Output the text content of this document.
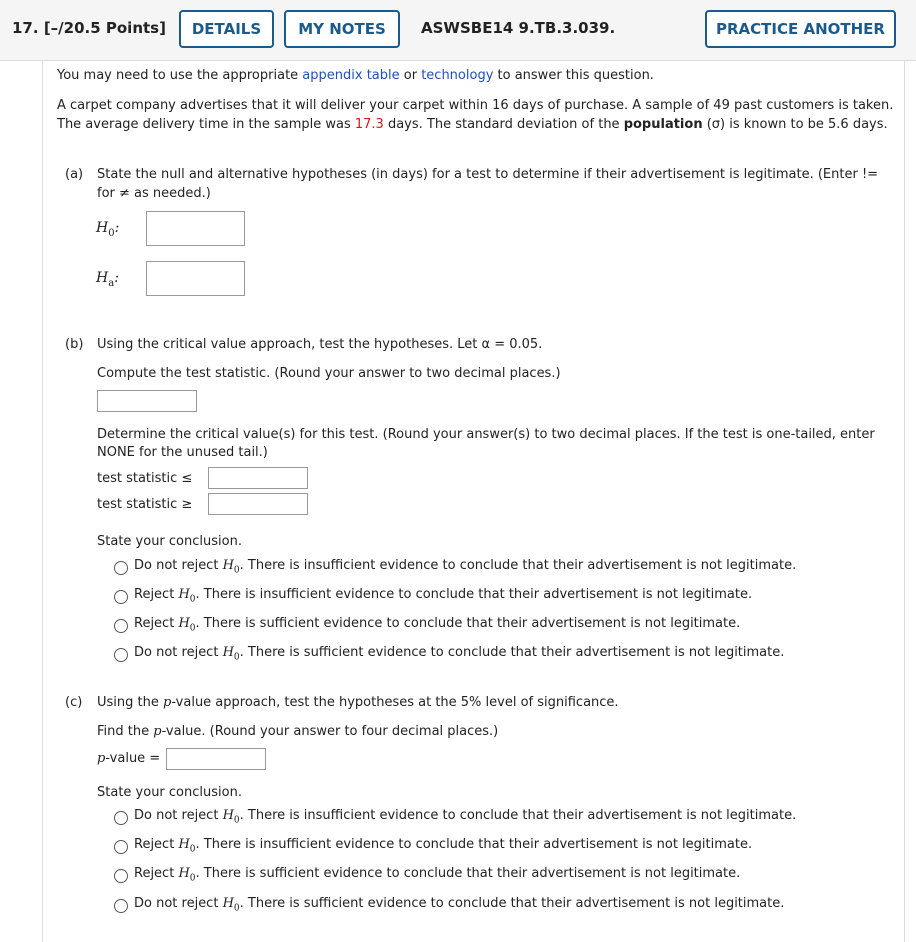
17. [–/20.5 Points]	DETAILS	MY NOTES	ASWSBE14 9.TB.3.039.	PRACTICE ANOTHER
You may need to use the appropriate appendix table or technology to answer this question.
A carpet company advertises that it will deliver your carpet within 16 days of purchase. A sample of 49 past customers is taken. The average delivery time in the sample was 17.3 days. The standard deviation of the population (σ) is known to be 5.6 days.
(a) State the null and alternative hypotheses (in days) for a test to determine if their advertisement is legitimate. (Enter != for ≠ as needed.)
$H_0$:
$H_a$:
(b) Using the critical value approach, test the hypotheses. Let α = 0.05.
Compute the test statistic. (Round your answer to two decimal places.)
Determine the critical value(s) for this test. (Round your answer(s) to two decimal places. If the test is one-tailed, enter NONE for the unused tail.)
test statistic ≤
test statistic ≥
State your conclusion.
Do not reject $H_0$. There is insufficient evidence to conclude that their advertisement is not legitimate.
Reject $H_0$. There is insufficient evidence to conclude that their advertisement is not legitimate.
Reject $H_0$. There is sufficient evidence to conclude that their advertisement is not legitimate.
Do not reject $H_0$. There is sufficient evidence to conclude that their advertisement is not legitimate.
(c) Using the p-value approach, test the hypotheses at the 5% level of significance.
Find the p-value. (Round your answer to four decimal places.)
p-value =
State your conclusion.
Do not reject $H_0$. There is insufficient evidence to conclude that their advertisement is not legitimate.
Reject $H_0$. There is insufficient evidence to conclude that their advertisement is not legitimate.
Reject $H_0$. There is sufficient evidence to conclude that their advertisement is not legitimate.
Do not reject $H_0$. There is sufficient evidence to conclude that their advertisement is not legitimate.
